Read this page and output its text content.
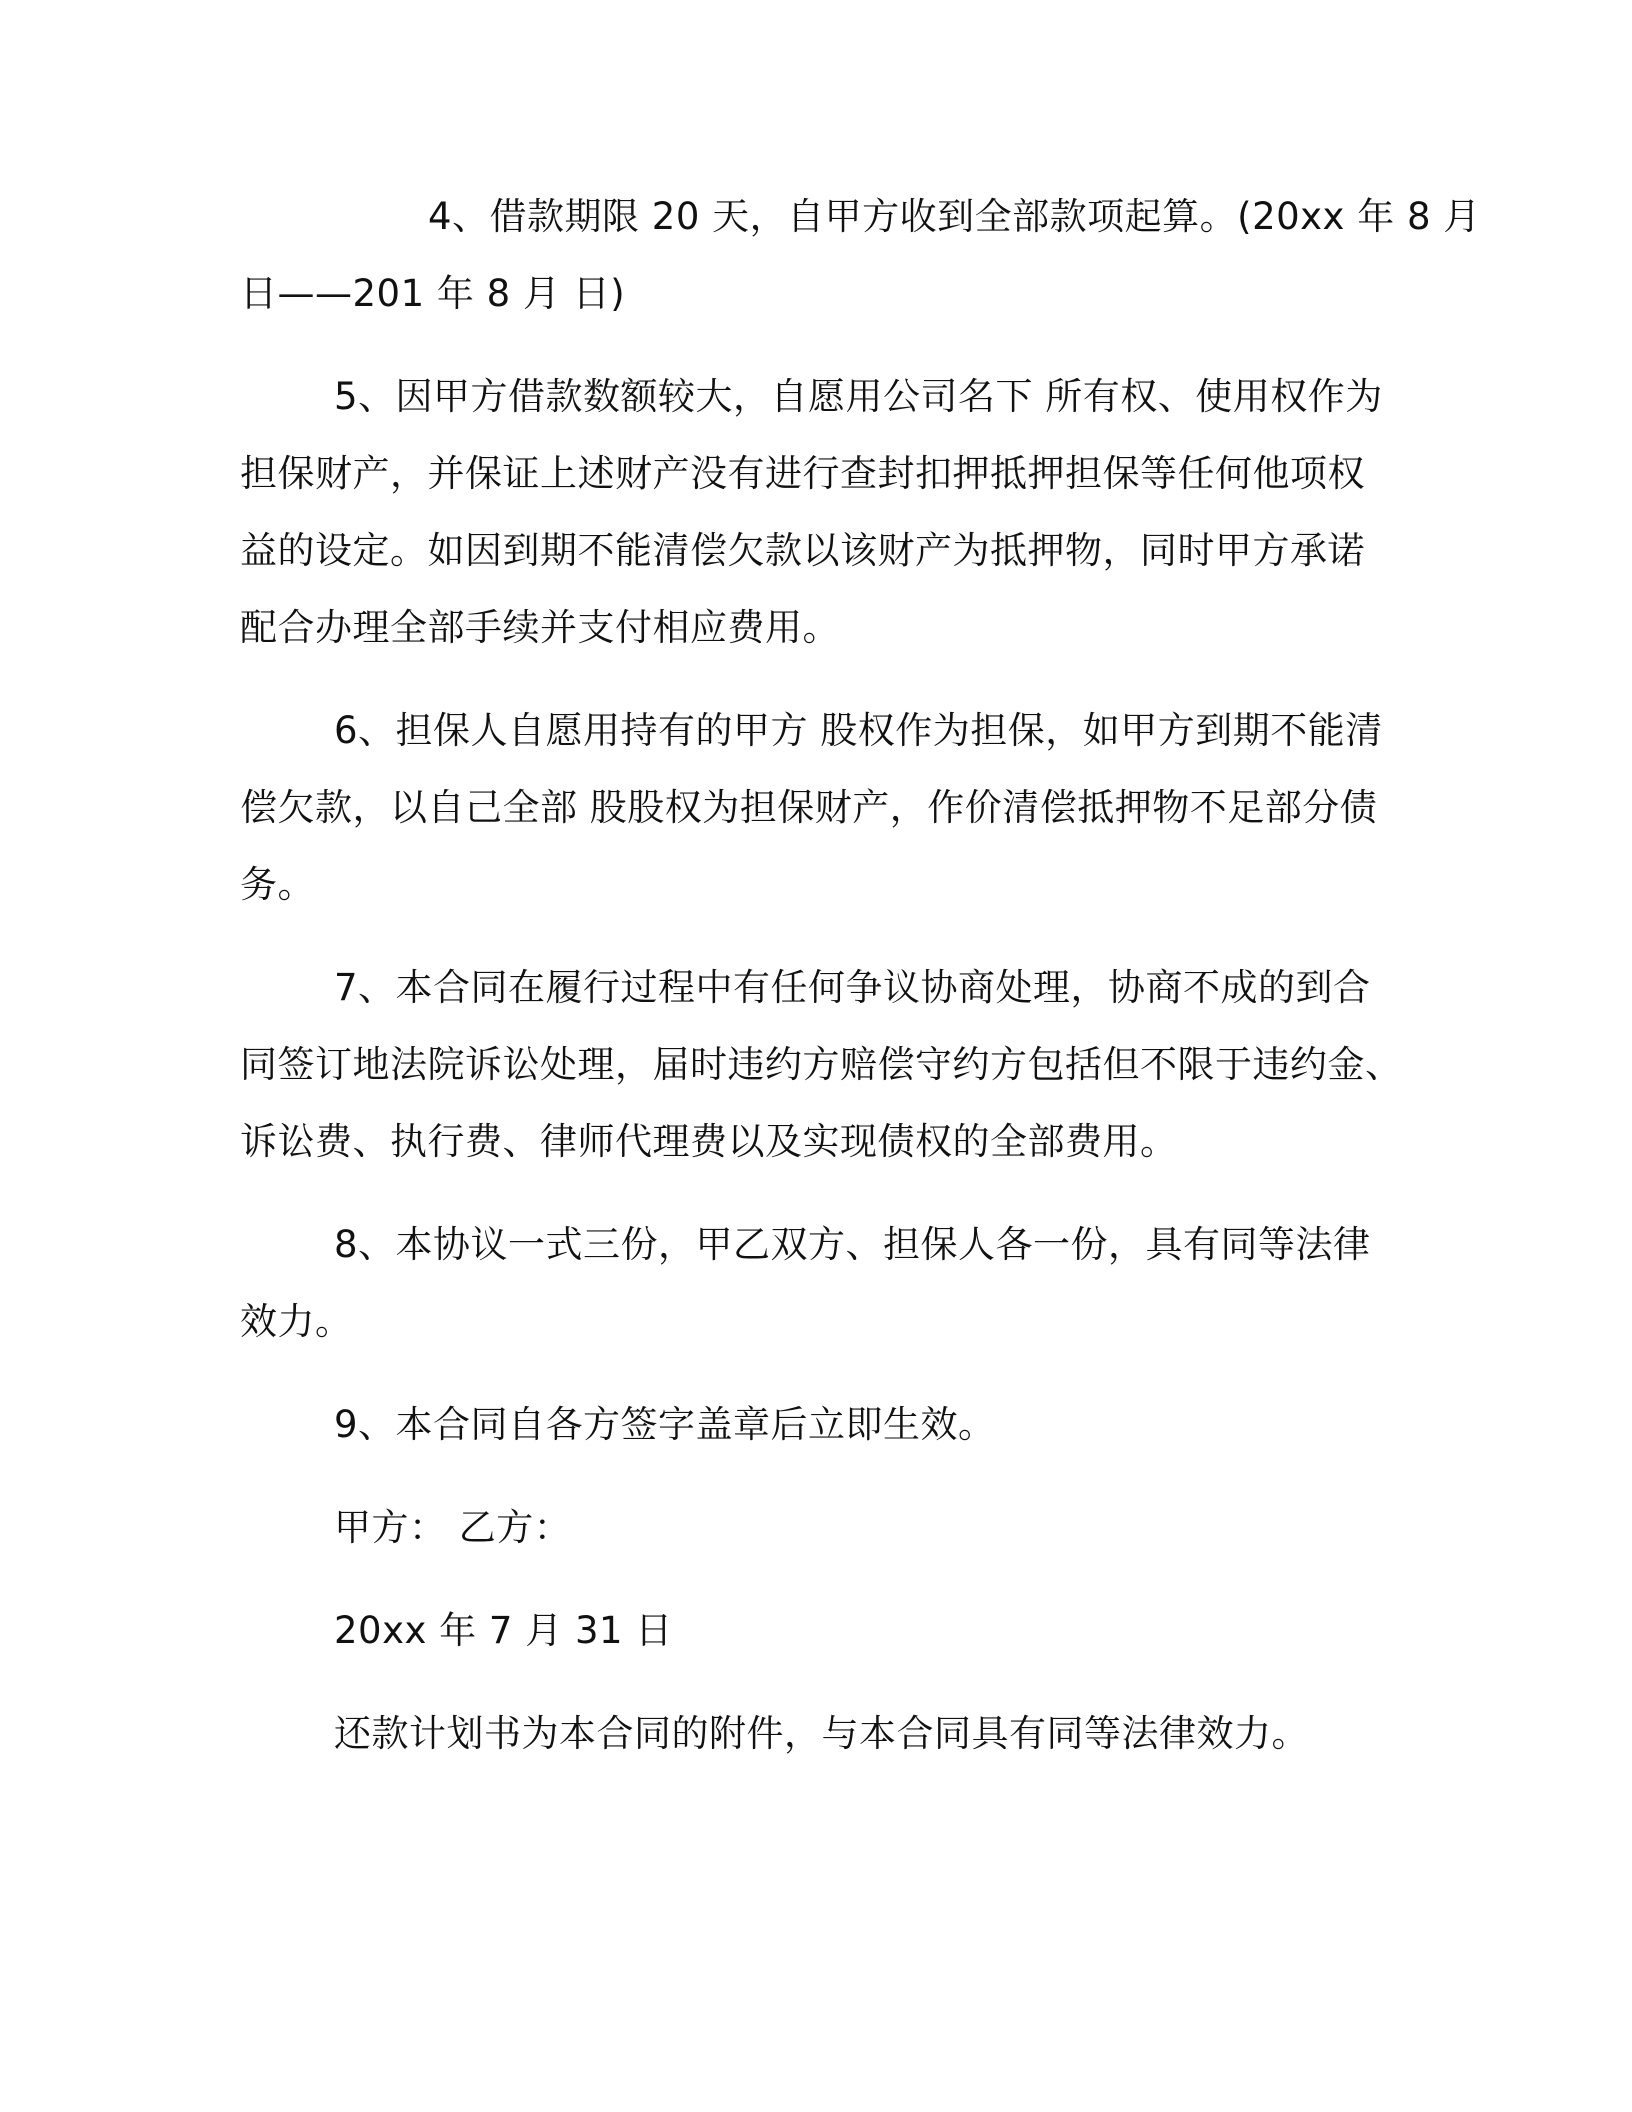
4、借款期限 20 天，自甲方收到全部款项起算。(20xx 年 8 月
日——201 年 8 月 日)
5、因甲方借款数额较大，自愿用公司名下 所有权、使用权作为
担保财产，并保证上述财产没有进行查封扣押抵押担保等任何他项权
益的设定。如因到期不能清偿欠款以该财产为抵押物，同时甲方承诺
配合办理全部手续并支付相应费用。
6、担保人自愿用持有的甲方 股权作为担保，如甲方到期不能清
偿欠款，以自己全部 股股权为担保财产，作价清偿抵押物不足部分债
务。
7、本合同在履行过程中有任何争议协商处理，协商不成的到合
同签订地法院诉讼处理，届时违约方赔偿守约方包括但不限于违约金、
诉讼费、执行费、律师代理费以及实现债权的全部费用。
8、本协议一式三份，甲乙双方、担保人各一份，具有同等法律
效力。
9、本合同自各方签字盖章后立即生效。
甲方： 乙方：
20xx 年 7 月 31 日
还款计划书为本合同的附件，与本合同具有同等法律效力。
